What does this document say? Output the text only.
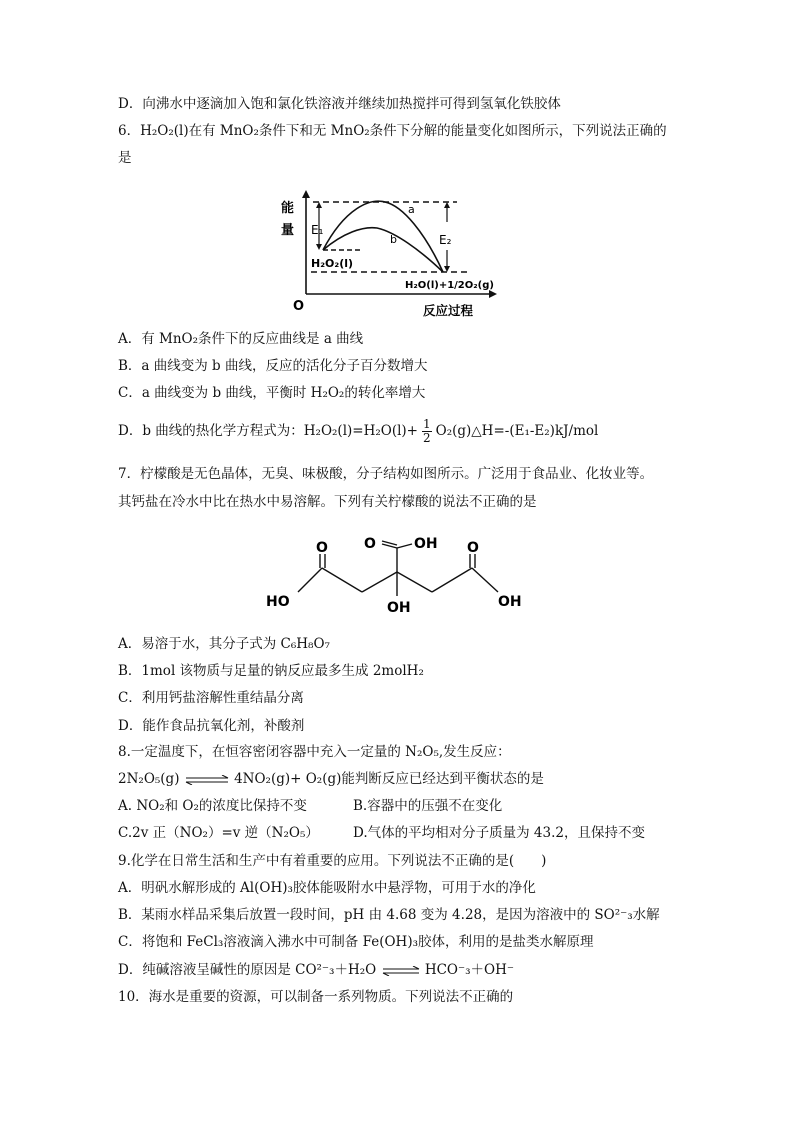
D．向沸水中逐滴加入饱和氯化铁溶液并继续加热搅拌可得到氢氧化铁胶体
6．H₂O₂(l)在有 MnO₂条件下和无 MnO₂条件下分解的能量变化如图所示，下列说法正确的
是
能
量
O	反应过程
a
b
E₁
E₂
H₂O₂(l)
H₂O(l)+1/2O₂(g)
A．有 MnO₂条件下的反应曲线是 a 曲线
B．a 曲线变为 b 曲线，反应的活化分子百分数增大
C．a 曲线变为 b 曲线，平衡时 H₂O₂的转化率增大
D．b 曲线的热化学方程式为：$H_2O_2(l)=H_2O(l)+ \frac{1}{2}$ O₂(g)△H=-(E₁-E₂)kJ/mol
7．柠檬酸是无色晶体，无臭、味极酸，分子结构如图所示。广泛用于食品业、化妆业等。
其钙盐在冷水中比在热水中易溶解。下列有关柠檬酸的说法不正确的是
O	O	OH O
HO	OH
OH
A．易溶于水，其分子式为 C₆H₈O₇
B．1mol 该物质与足量的钠反应最多生成 2molH₂
C．利用钙盐溶解性重结晶分离
D．能作食品抗氧化剂，补酸剂
8.一定温度下，在恒容密闭容器中充入一定量的 N₂O₅,发生反应：
2N₂O₅(g) ⇌ 4NO₂(g)+ O₂(g)能判断反应已经达到平衡状态的是
A. NO₂和 O₂的浓度比保持不变	B.容器中的压强不在变化
C.2v 正（NO₂）=v 逆（N₂O₅）	D.气体的平均相对分子质量为 43.2，且保持不变
9.化学在日常生活和生产中有着重要的应用。下列说法不正确的是(　　)
A．明矾水解形成的 Al(OH)₃胶体能吸附水中悬浮物，可用于水的净化
B．某雨水样品采集后放置一段时间，pH 由 4.68 变为 4.28，是因为溶液中的 SO²⁻₃水解
C．将饱和 FeCl₃溶液滴入沸水中可制备 Fe(OH)₃胶体，利用的是盐类水解原理
D．纯碱溶液呈碱性的原因是 CO²⁻₃＋H₂O ⇌ HCO⁻₃＋OH⁻
10．海水是重要的资源，可以制备一系列物质。下列说法不正确的
